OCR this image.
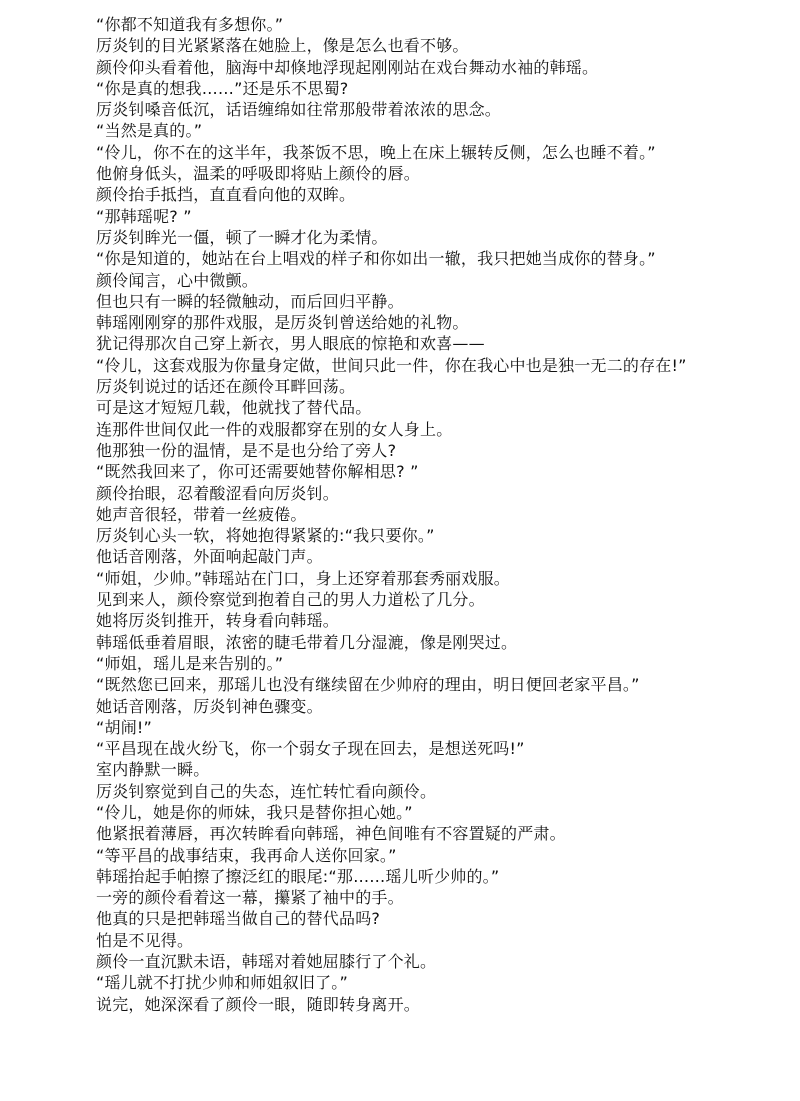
“你都不知道我有多想你。”
厉炎钊的目光紧紧落在她脸上，像是怎么也看不够。
颜伶仰头看着他，脑海中却倏地浮现起刚刚站在戏台舞动水袖的韩瑶。
“你是真的想我……”还是乐不思蜀?
厉炎钊嗓音低沉，话语缠绵如往常那般带着浓浓的思念。
“当然是真的。”
“伶儿，你不在的这半年，我茶饭不思，晚上在床上辗转反侧，怎么也睡不着。”
他俯身低头，温柔的呼吸即将贴上颜伶的唇。
颜伶抬手抵挡，直直看向他的双眸。
“那韩瑶呢? ”
厉炎钊眸光一僵，顿了一瞬才化为柔情。
“你是知道的，她站在台上唱戏的样子和你如出一辙，我只把她当成你的替身。”
颜伶闻言，心中微颤。
但也只有一瞬的轻微触动，而后回归平静。
韩瑶刚刚穿的那件戏服，是厉炎钊曾送给她的礼物。
犹记得那次自己穿上新衣，男人眼底的惊艳和欢喜——
“伶儿，这套戏服为你量身定做，世间只此一件，你在我心中也是独一无二的存在!”
厉炎钊说过的话还在颜伶耳畔回荡。
可是这才短短几载，他就找了替代品。
连那件世间仅此一件的戏服都穿在别的女人身上。
他那独一份的温情，是不是也分给了旁人?
“既然我回来了，你可还需要她替你解相思? ”
颜伶抬眼，忍着酸涩看向厉炎钊。
她声音很轻，带着一丝疲倦。
厉炎钊心头一软，将她抱得紧紧的:“我只要你。”
他话音刚落，外面响起敲门声。
“师姐，少帅。”韩瑶站在门口，身上还穿着那套秀丽戏服。
见到来人，颜伶察觉到抱着自己的男人力道松了几分。
她将厉炎钊推开，转身看向韩瑶。
韩瑶低垂着眉眼，浓密的睫毛带着几分湿漉，像是刚哭过。
“师姐，瑶儿是来告别的。”
“既然您已回来，那瑶儿也没有继续留在少帅府的理由，明日便回老家平昌。”
她话音刚落，厉炎钊神色骤变。
“胡闹!”
“平昌现在战火纷飞，你一个弱女子现在回去，是想送死吗!”
室内静默一瞬。
厉炎钊察觉到自己的失态，连忙转忙看向颜伶。
“伶儿，她是你的师妹，我只是替你担心她。”
他紧抿着薄唇，再次转眸看向韩瑶，神色间唯有不容置疑的严肃。
“等平昌的战事结束，我再命人送你回家。”
韩瑶抬起手帕擦了擦泛红的眼尾:“那……瑶儿听少帅的。”
一旁的颜伶看着这一幕，攥紧了袖中的手。
他真的只是把韩瑶当做自己的替代品吗?
怕是不见得。
颜伶一直沉默未语，韩瑶对着她屈膝行了个礼。
“瑶儿就不打扰少帅和师姐叙旧了。”
说完，她深深看了颜伶一眼，随即转身离开。
